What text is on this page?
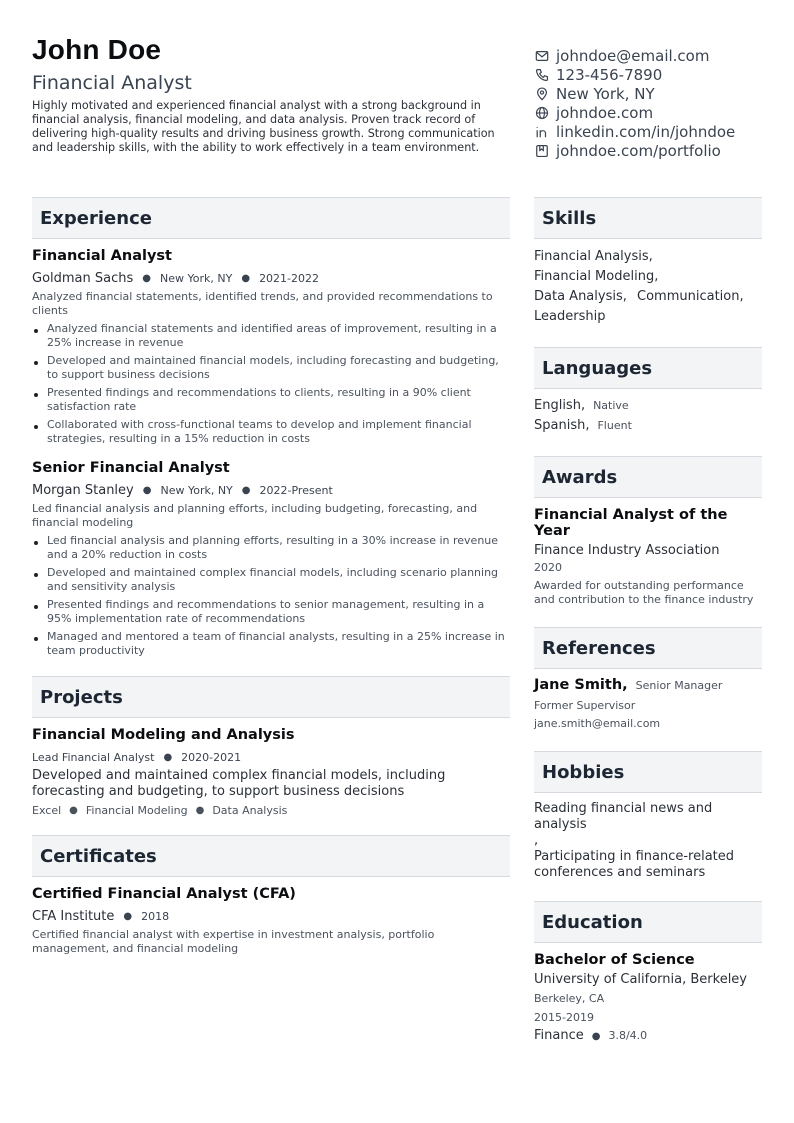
John Doe
Financial Analyst
Highly motivated and experienced financial analyst with a strong background in financial analysis, financial modeling, and data analysis. Proven track record of delivering high-quality results and driving business growth. Strong communication and leadership skills, with the ability to work effectively in a team environment.
johndoe@email.com
123-456-7890
New York, NY
johndoe.com
linkedin.com/in/johndoe
johndoe.com/portfolio
Experience
Financial Analyst
Goldman Sachs ● New York, NY ● 2021-2022
Analyzed financial statements, identified trends, and provided recommendations to clients
Analyzed financial statements and identified areas of improvement, resulting in a 25% increase in revenue
Developed and maintained financial models, including forecasting and budgeting, to support business decisions
Presented findings and recommendations to clients, resulting in a 90% client satisfaction rate
Collaborated with cross-functional teams to develop and implement financial strategies, resulting in a 15% reduction in costs
Senior Financial Analyst
Morgan Stanley ● New York, NY ● 2022-Present
Led financial analysis and planning efforts, including budgeting, forecasting, and financial modeling
Led financial analysis and planning efforts, resulting in a 30% increase in revenue and a 20% reduction in costs
Developed and maintained complex financial models, including scenario planning and sensitivity analysis
Presented findings and recommendations to senior management, resulting in a 95% implementation rate of recommendations
Managed and mentored a team of financial analysts, resulting in a 25% increase in team productivity
Projects
Financial Modeling and Analysis
Lead Financial Analyst ● 2020-2021
Developed and maintained complex financial models, including forecasting and budgeting, to support business decisions
Excel ● Financial Modeling ● Data Analysis
Certificates
Certified Financial Analyst (CFA)
CFA Institute ● 2018
Certified financial analyst with expertise in investment analysis, portfolio management, and financial modeling
Skills
Financial Analysis,
Financial Modeling,
Data Analysis, Communication,
Leadership
Languages
English, Native
Spanish, Fluent
Awards
Financial Analyst of the Year
Finance Industry Association
2020
Awarded for outstanding performance and contribution to the finance industry
References
Jane Smith, Senior Manager
Former Supervisor
jane.smith@email.com
Hobbies
Reading financial news and analysis
,
Participating in finance-related conferences and seminars
Education
Bachelor of Science
University of California, Berkeley
Berkeley, CA
2015-2019
Finance ● 3.8/4.0
